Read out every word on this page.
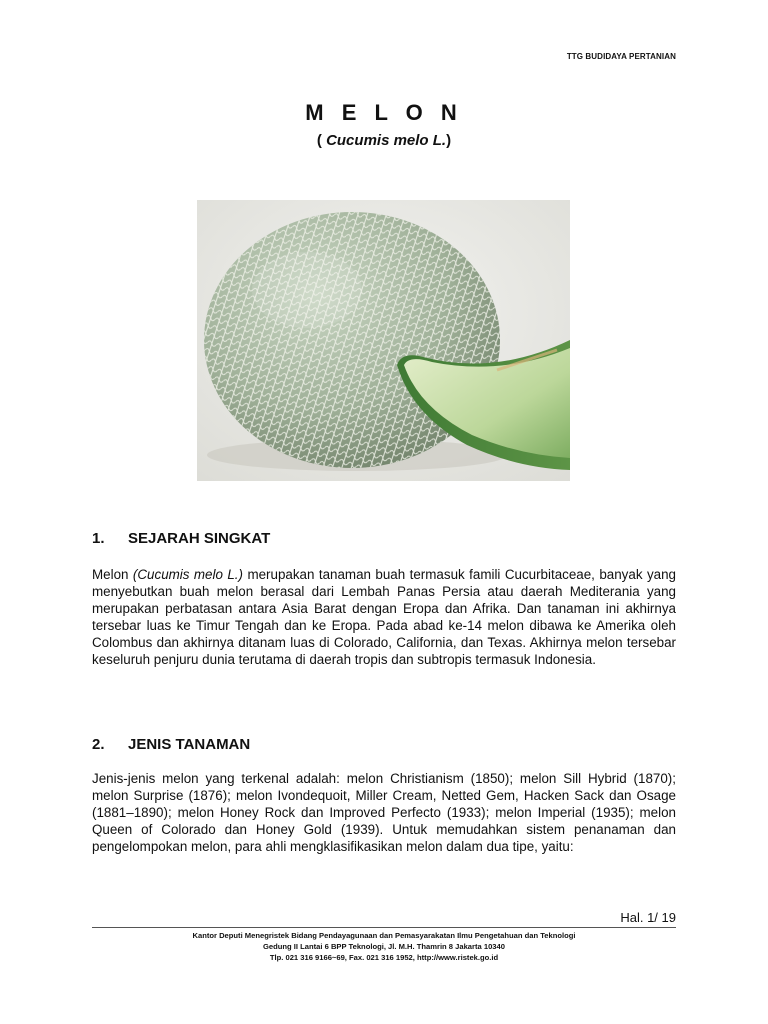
TTG BUDIDAYA PERTANIAN
M E L O N
( Cucumis melo L.)
1. SEJARAH SINGKAT
Melon (Cucumis melo L.) merupakan tanaman buah termasuk famili Cucurbitaceae, banyak yang menyebutkan buah melon berasal dari Lembah Panas Persia atau daerah Mediterania yang merupakan perbatasan antara Asia Barat dengan Eropa dan Afrika. Dan tanaman ini akhirnya tersebar luas ke Timur Tengah dan ke Eropa. Pada abad ke-14 melon dibawa ke Amerika oleh Colombus dan akhirnya ditanam luas di Colorado, California, dan Texas. Akhirnya melon tersebar keseluruh penjuru dunia terutama di daerah tropis dan subtropis termasuk Indonesia.
2. JENIS TANAMAN
Jenis-jenis melon yang terkenal adalah: melon Christianism (1850); melon Sill Hybrid (1870); melon Surprise (1876); melon Ivondequoit, Miller Cream, Netted Gem, Hacken Sack dan Osage (1881–1890); melon Honey Rock dan Improved Perfecto (1933); melon Imperial (1935); melon Queen of Colorado dan Honey Gold (1939). Untuk memudahkan sistem penanaman dan pengelompokan melon, para ahli mengklasifikasikan melon dalam dua tipe, yaitu:
Hal. 1/ 19
Kantor Deputi Menegristek Bidang Pendayagunaan dan Pemasyarakatan Ilmu Pengetahuan dan Teknologi
Gedung II Lantai 6 BPP Teknologi, Jl. M.H. Thamrin 8 Jakarta 10340
Tlp. 021 316 9166~69, Fax. 021 316 1952, http://www.ristek.go.id
